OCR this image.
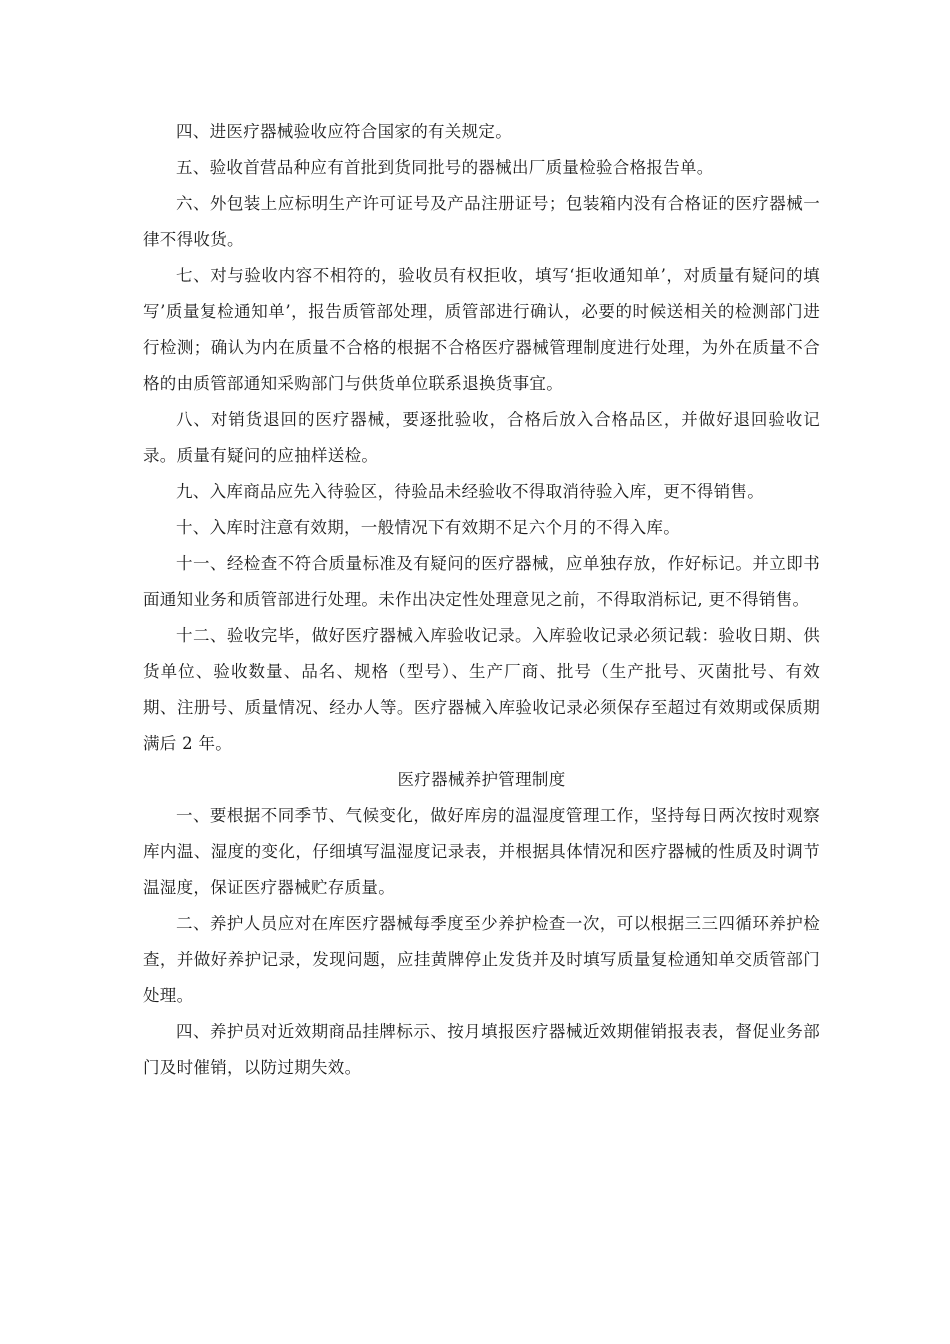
四、进医疗器械验收应符合国家的有关规定。

五、验收首营品种应有首批到货同批号的器械出厂质量检验合格报告单。

六、外包装上应标明生产许可证号及产品注册证号；包装箱内没有合格证的医疗器械一律不得收货。

七、对与验收内容不相符的，验收员有权拒收，填写‘拒收通知单’，对质量有疑问的填写’质量复检通知单’，报告质管部处理，质管部进行确认，必要的时候送相关的检测部门进行检测；确认为内在质量不合格的根据不合格医疗器械管理制度进行处理，为外在质量不合格的由质管部通知采购部门与供货单位联系退换货事宜。

八、对销货退回的医疗器械，要逐批验收，合格后放入合格品区，并做好退回验收记录。质量有疑问的应抽样送检。

九、入库商品应先入待验区，待验品未经验收不得取消待验入库，更不得销售。

十、入库时注意有效期，一般情况下有效期不足六个月的不得入库。

十一、经检查不符合质量标准及有疑问的医疗器械，应单独存放，作好标记。并立即书面通知业务和质管部进行处理。未作出决定性处理意见之前，不得取消标记, 更不得销售。

十二、验收完毕，做好医疗器械入库验收记录。入库验收记录必须记载：验收日期、供货单位、验收数量、品名、规格（型号）、生产厂商、批号（生产批号、灭菌批号、有效期、注册号、质量情况、经办人等。医疗器械入库验收记录必须保存至超过有效期或保质期满后 2 年。

医疗器械养护管理制度

一、要根据不同季节、气候变化，做好库房的温湿度管理工作，坚持每日两次按时观察库内温、湿度的变化，仔细填写温湿度记录表，并根据具体情况和医疗器械的性质及时调节温湿度，保证医疗器械贮存质量。

二、养护人员应对在库医疗器械每季度至少养护检查一次，可以根据三三四循环养护检查，并做好养护记录，发现问题，应挂黄牌停止发货并及时填写质量复检通知单交质管部门处理。

四、养护员对近效期商品挂牌标示、按月填报医疗器械近效期催销报表表，督促业务部门及时催销，以防过期失效。
